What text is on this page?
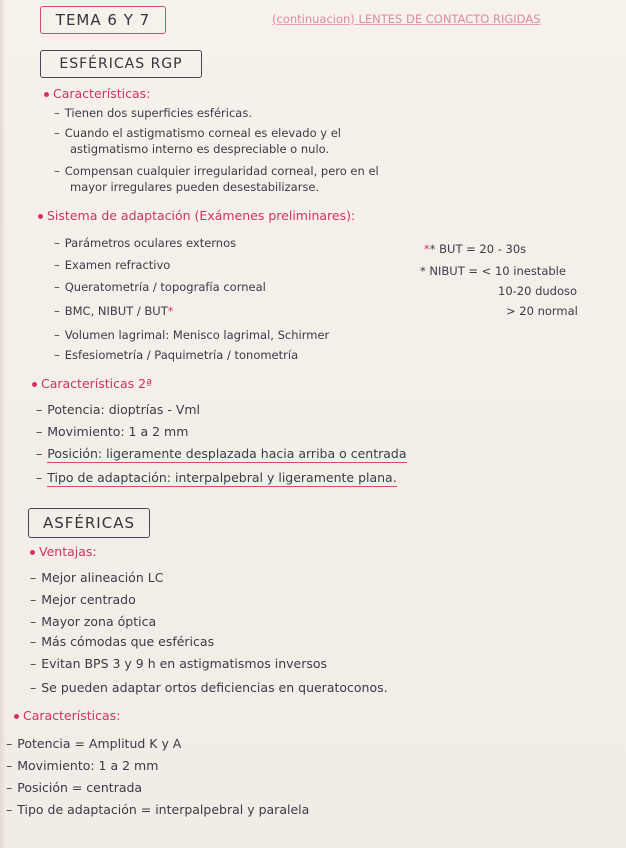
TEMA 6 Y 7	(continuacion) LENTES DE CONTACTO RIGIDAS
ESFÉRICAS RGP
Características:
– Tienen dos superficies esféricas.
– Cuando el astigmatismo corneal es elevado y el
astigmatismo interno es despreciable o nulo.
– Compensan cualquier irregularidad corneal, pero en el
mayor irregulares pueden desestabilizarse.
Sistema de adaptación (Exámenes preliminares):
– Parámetros oculares externos
– Examen refractivo
– Queratometría / topografía corneal
– BMC, NIBUT / BUT*
– Volumen lagrimal: Menisco lagrimal, Schirmer
– Esfesiometría / Paquimetría / tonometría
** BUT = 20 - 30s
* NIBUT = < 10 inestable
10-20 dudoso
> 20 normal
Características 2ª
– Potencia: dioptrías - Vml
– Movimiento: 1 a 2 mm
– Posición: ligeramente desplazada hacia arriba o centrada
– Tipo de adaptación: interpalpebral y ligeramente plana.
ASFÉRICAS
Ventajas:
– Mejor alineación LC
– Mejor centrado
– Mayor zona óptica
– Más cómodas que esféricas
– Evitan BPS 3 y 9 h en astigmatismos inversos
– Se pueden adaptar ortos deficiencias en queratoconos.
Características:
– Potencia = Amplitud K y A
– Movimiento: 1 a 2 mm
– Posición = centrada
– Tipo de adaptación = interpalpebral y paralela
